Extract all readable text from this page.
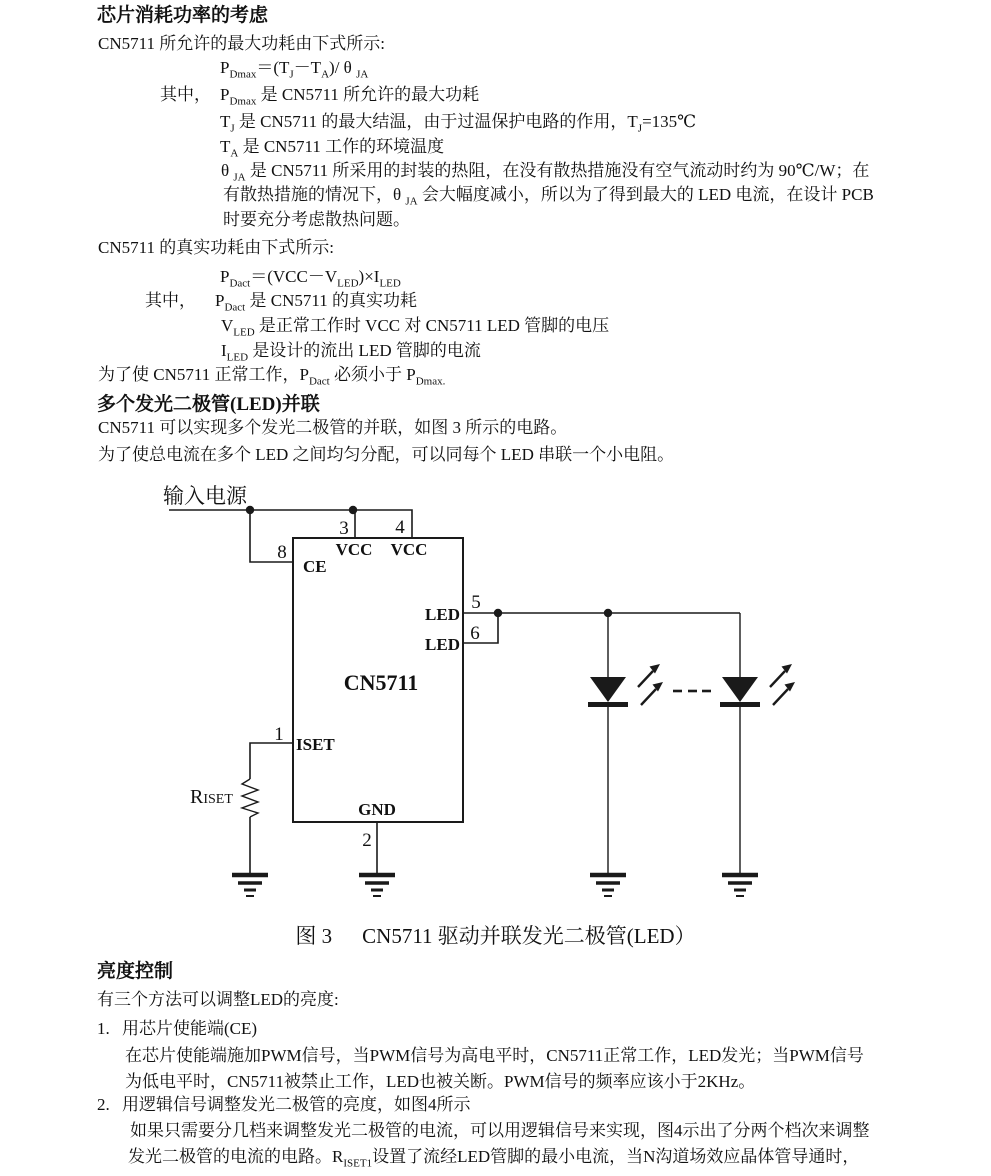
芯片消耗功率的考虑
CN5711 所允许的最大功耗由下式所示:
$P_{Dmax}=(T_J-T_A)/$ θ $_{JA}$
其中， $P_{Dmax}$ 是 CN5711 所允许的最大功耗
$T_J$ 是 CN5711 的最大结温，由于过温保护电路的作用，$T_J=135℃$
$T_A$ 是 CN5711 工作的环境温度
θ $_{JA}$ 是 CN5711 所采用的封装的热阻，在没有散热措施没有空气流动时约为 90℃/W；在
有散热措施的情况下，θ $_{JA}$ 会大幅度减小，所以为了得到最大的 LED 电流，在设计 PCB
时要充分考虑散热问题。
CN5711 的真实功耗由下式所示:
$P_{Dact}=(VCC-V_{LED})\times I_{LED}$
其中， $P_{Dact}$ 是 CN5711 的真实功耗
$V_{LED}$ 是正常工作时 VCC 对 CN5711 LED 管脚的电压
$I_{LED}$ 是设计的流出 LED 管脚的电流
为了使 CN5711 正常工作，$P_{Dact}$ 必须小于 $P_{Dmax.}$
多个发光二极管(LED)并联
CN5711 可以实现多个发光二极管的并联，如图 3 所示的电路。
为了使总电流在多个 LED 之间均匀分配，可以同每个 LED 串联一个小电阻。
输入电源
CN5711
VCC VCC
CE
LED
LED
ISET
GND
3 4
8
5
6
1
2
RISET
图 3 CN5711 驱动并联发光二极管(LED）
亮度控制
有三个方法可以调整LED的亮度:
1. 用芯片使能端(CE)
在芯片使能端施加PWM信号，当PWM信号为高电平时，CN5711正常工作，LED发光；当PWM信号
为低电平时，CN5711被禁止工作，LED也被关断。PWM信号的频率应该小于2KHz。
2. 用逻辑信号调整发光二极管的亮度，如图4所示
如果只需要分几档来调整发光二极管的电流，可以用逻辑信号来实现，图4示出了分两个档次来调整
发光二极管的电流的电路。$R_{ISET1}$设置了流经LED管脚的最小电流，当N沟道场效应晶体管导通时，
